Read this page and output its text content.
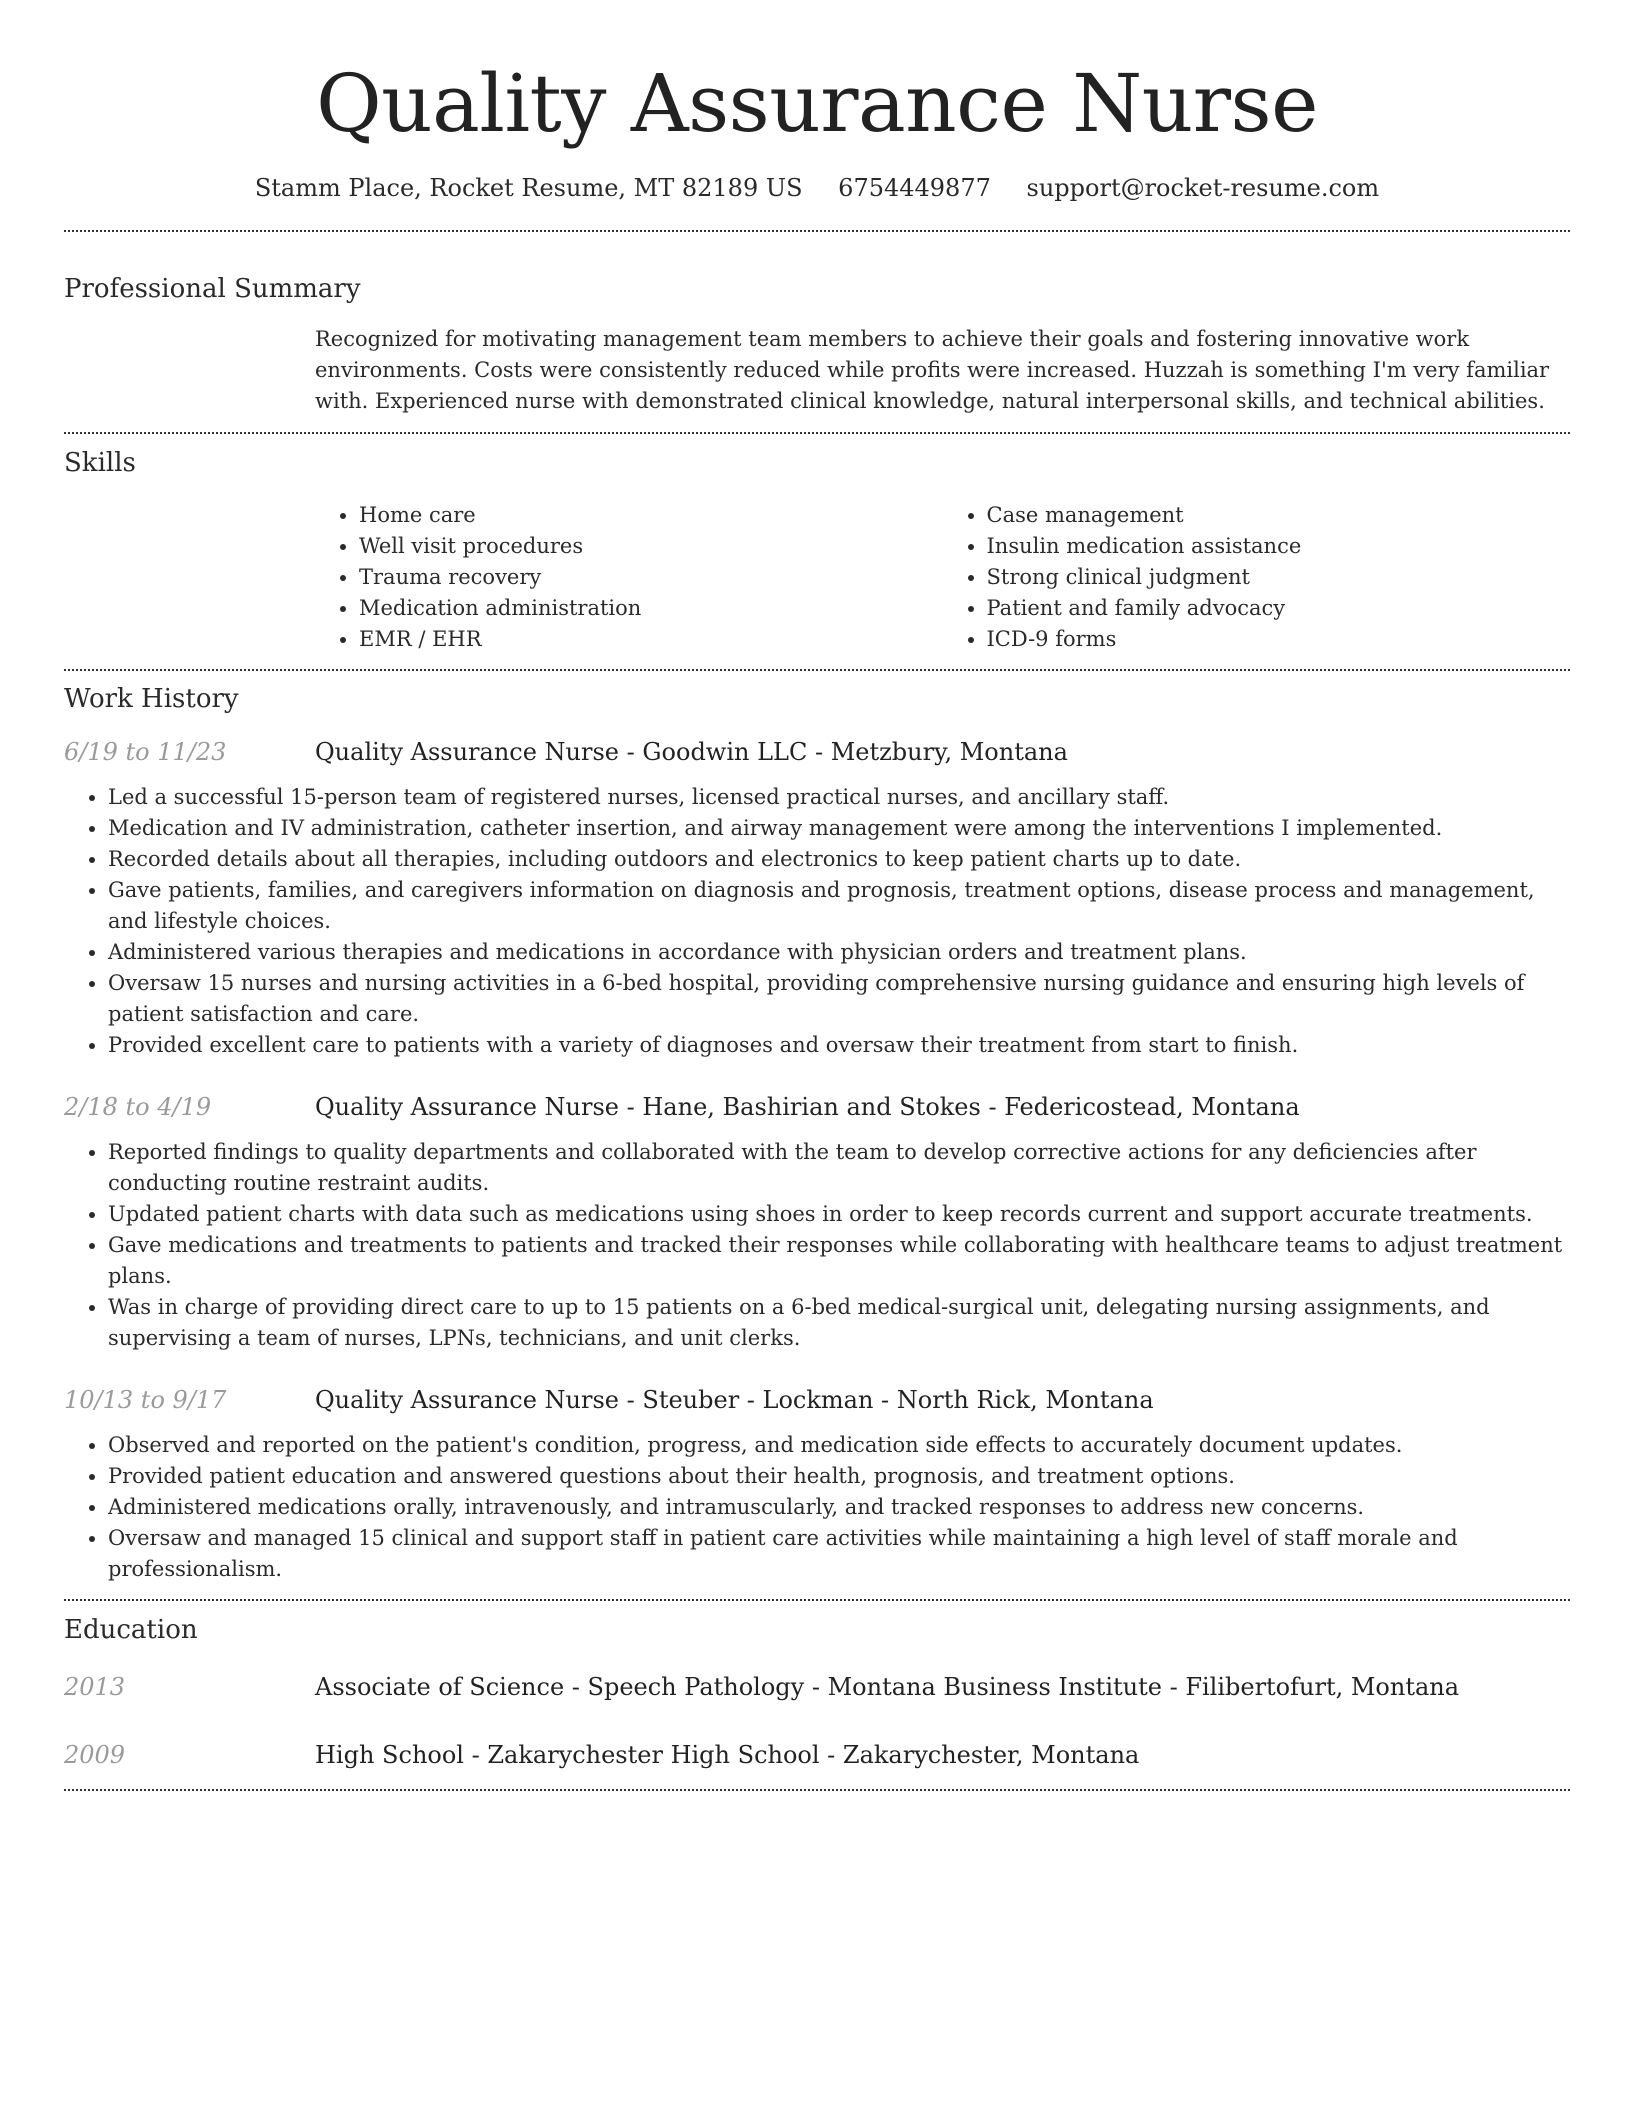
Quality Assurance Nurse
Stamm Place, Rocket Resume, MT 82189 US 6754449877 support@rocket-resume.com
Professional Summary
Recognized for motivating management team members to achieve their goals and fostering innovative work environments. Costs were consistently reduced while profits were increased. Huzzah is something I'm very familiar with. Experienced nurse with demonstrated clinical knowledge, natural interpersonal skills, and technical abilities.
Skills
• Home care
• Well visit procedures
• Trauma recovery
• Medication administration
• EMR / EHR
• Case management
• Insulin medication assistance
• Strong clinical judgment
• Patient and family advocacy
• ICD-9 forms
Work History
6/19 to 11/23	Quality Assurance Nurse - Goodwin LLC - Metzbury, Montana
• Led a successful 15-person team of registered nurses, licensed practical nurses, and ancillary staff.
• Medication and IV administration, catheter insertion, and airway management were among the interventions I implemented.
• Recorded details about all therapies, including outdoors and electronics to keep patient charts up to date.
• Gave patients, families, and caregivers information on diagnosis and prognosis, treatment options, disease process and management, and lifestyle choices.
• Administered various therapies and medications in accordance with physician orders and treatment plans.
• Oversaw 15 nurses and nursing activities in a 6-bed hospital, providing comprehensive nursing guidance and ensuring high levels of patient satisfaction and care.
• Provided excellent care to patients with a variety of diagnoses and oversaw their treatment from start to finish.
2/18 to 4/19	Quality Assurance Nurse - Hane, Bashirian and Stokes - Federicostead, Montana
• Reported findings to quality departments and collaborated with the team to develop corrective actions for any deficiencies after conducting routine restraint audits.
• Updated patient charts with data such as medications using shoes in order to keep records current and support accurate treatments.
• Gave medications and treatments to patients and tracked their responses while collaborating with healthcare teams to adjust treatment plans.
• Was in charge of providing direct care to up to 15 patients on a 6-bed medical-surgical unit, delegating nursing assignments, and supervising a team of nurses, LPNs, technicians, and unit clerks.
10/13 to 9/17	Quality Assurance Nurse - Steuber - Lockman - North Rick, Montana
• Observed and reported on the patient's condition, progress, and medication side effects to accurately document updates.
• Provided patient education and answered questions about their health, prognosis, and treatment options.
• Administered medications orally, intravenously, and intramuscularly, and tracked responses to address new concerns.
• Oversaw and managed 15 clinical and support staff in patient care activities while maintaining a high level of staff morale and professionalism.
Education
2013	Associate of Science - Speech Pathology - Montana Business Institute - Filibertofurt, Montana
2009	High School - Zakarychester High School - Zakarychester, Montana
